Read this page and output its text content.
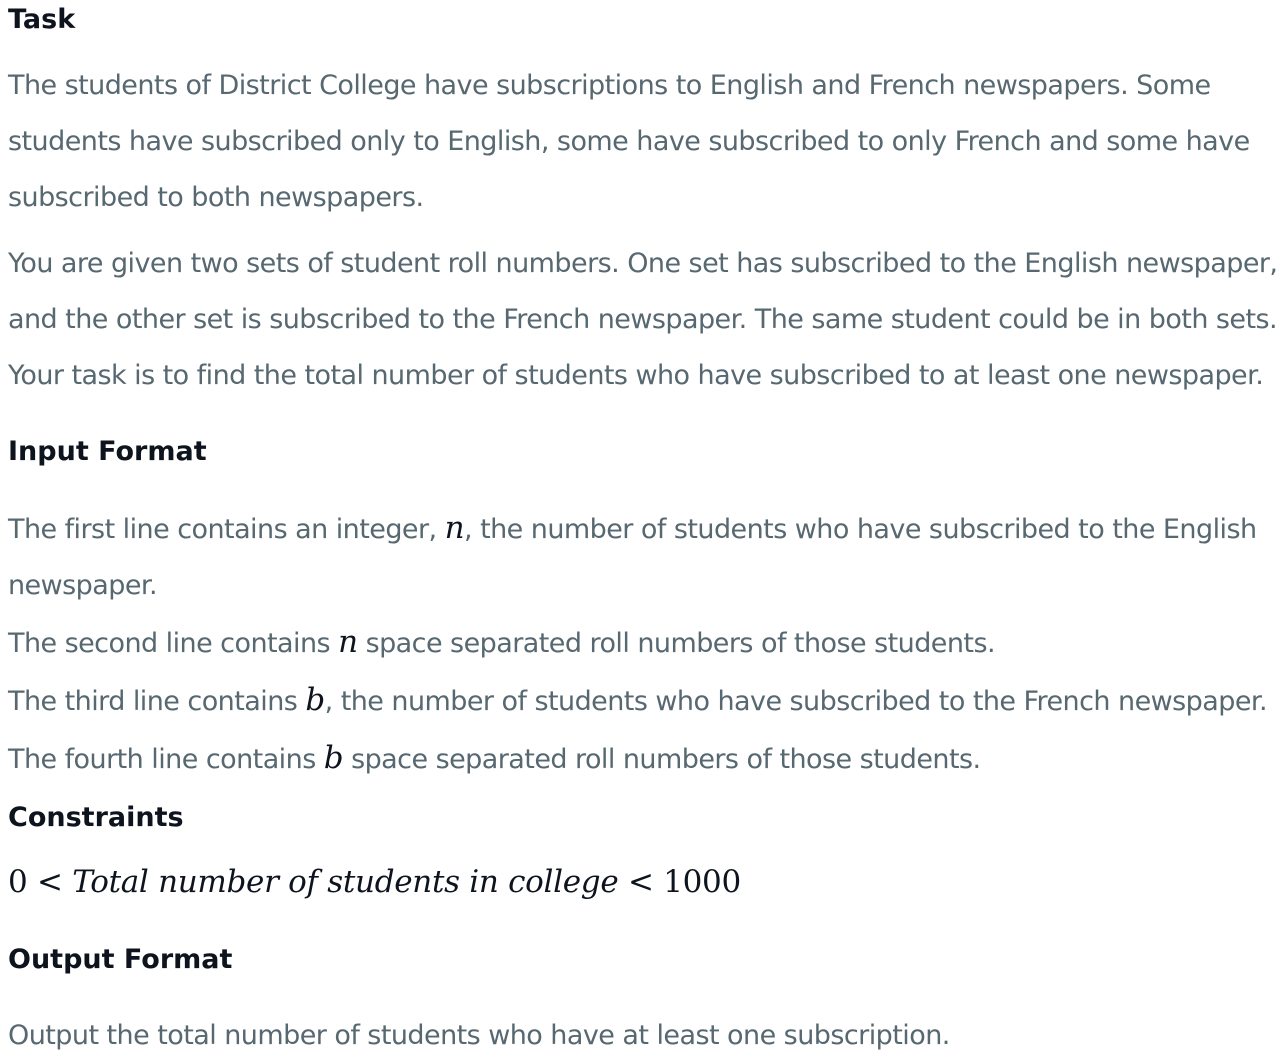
Task

The students of District College have subscriptions to English and French newspapers. Some
students have subscribed only to English, some have subscribed to only French and some have
subscribed to both newspapers.

You are given two sets of student roll numbers. One set has subscribed to the English newspaper,
and the other set is subscribed to the French newspaper. The same student could be in both sets.
Your task is to find the total number of students who have subscribed to at least one newspaper.

Input Format

The first line contains an integer, n, the number of students who have subscribed to the English
newspaper.
The second line contains n space separated roll numbers of those students.
The third line contains b, the number of students who have subscribed to the French newspaper.
The fourth line contains b space separated roll numbers of those students.

Constraints
0 < Total number of students in college < 1000
Output Format

Output the total number of students who have at least one subscription.
